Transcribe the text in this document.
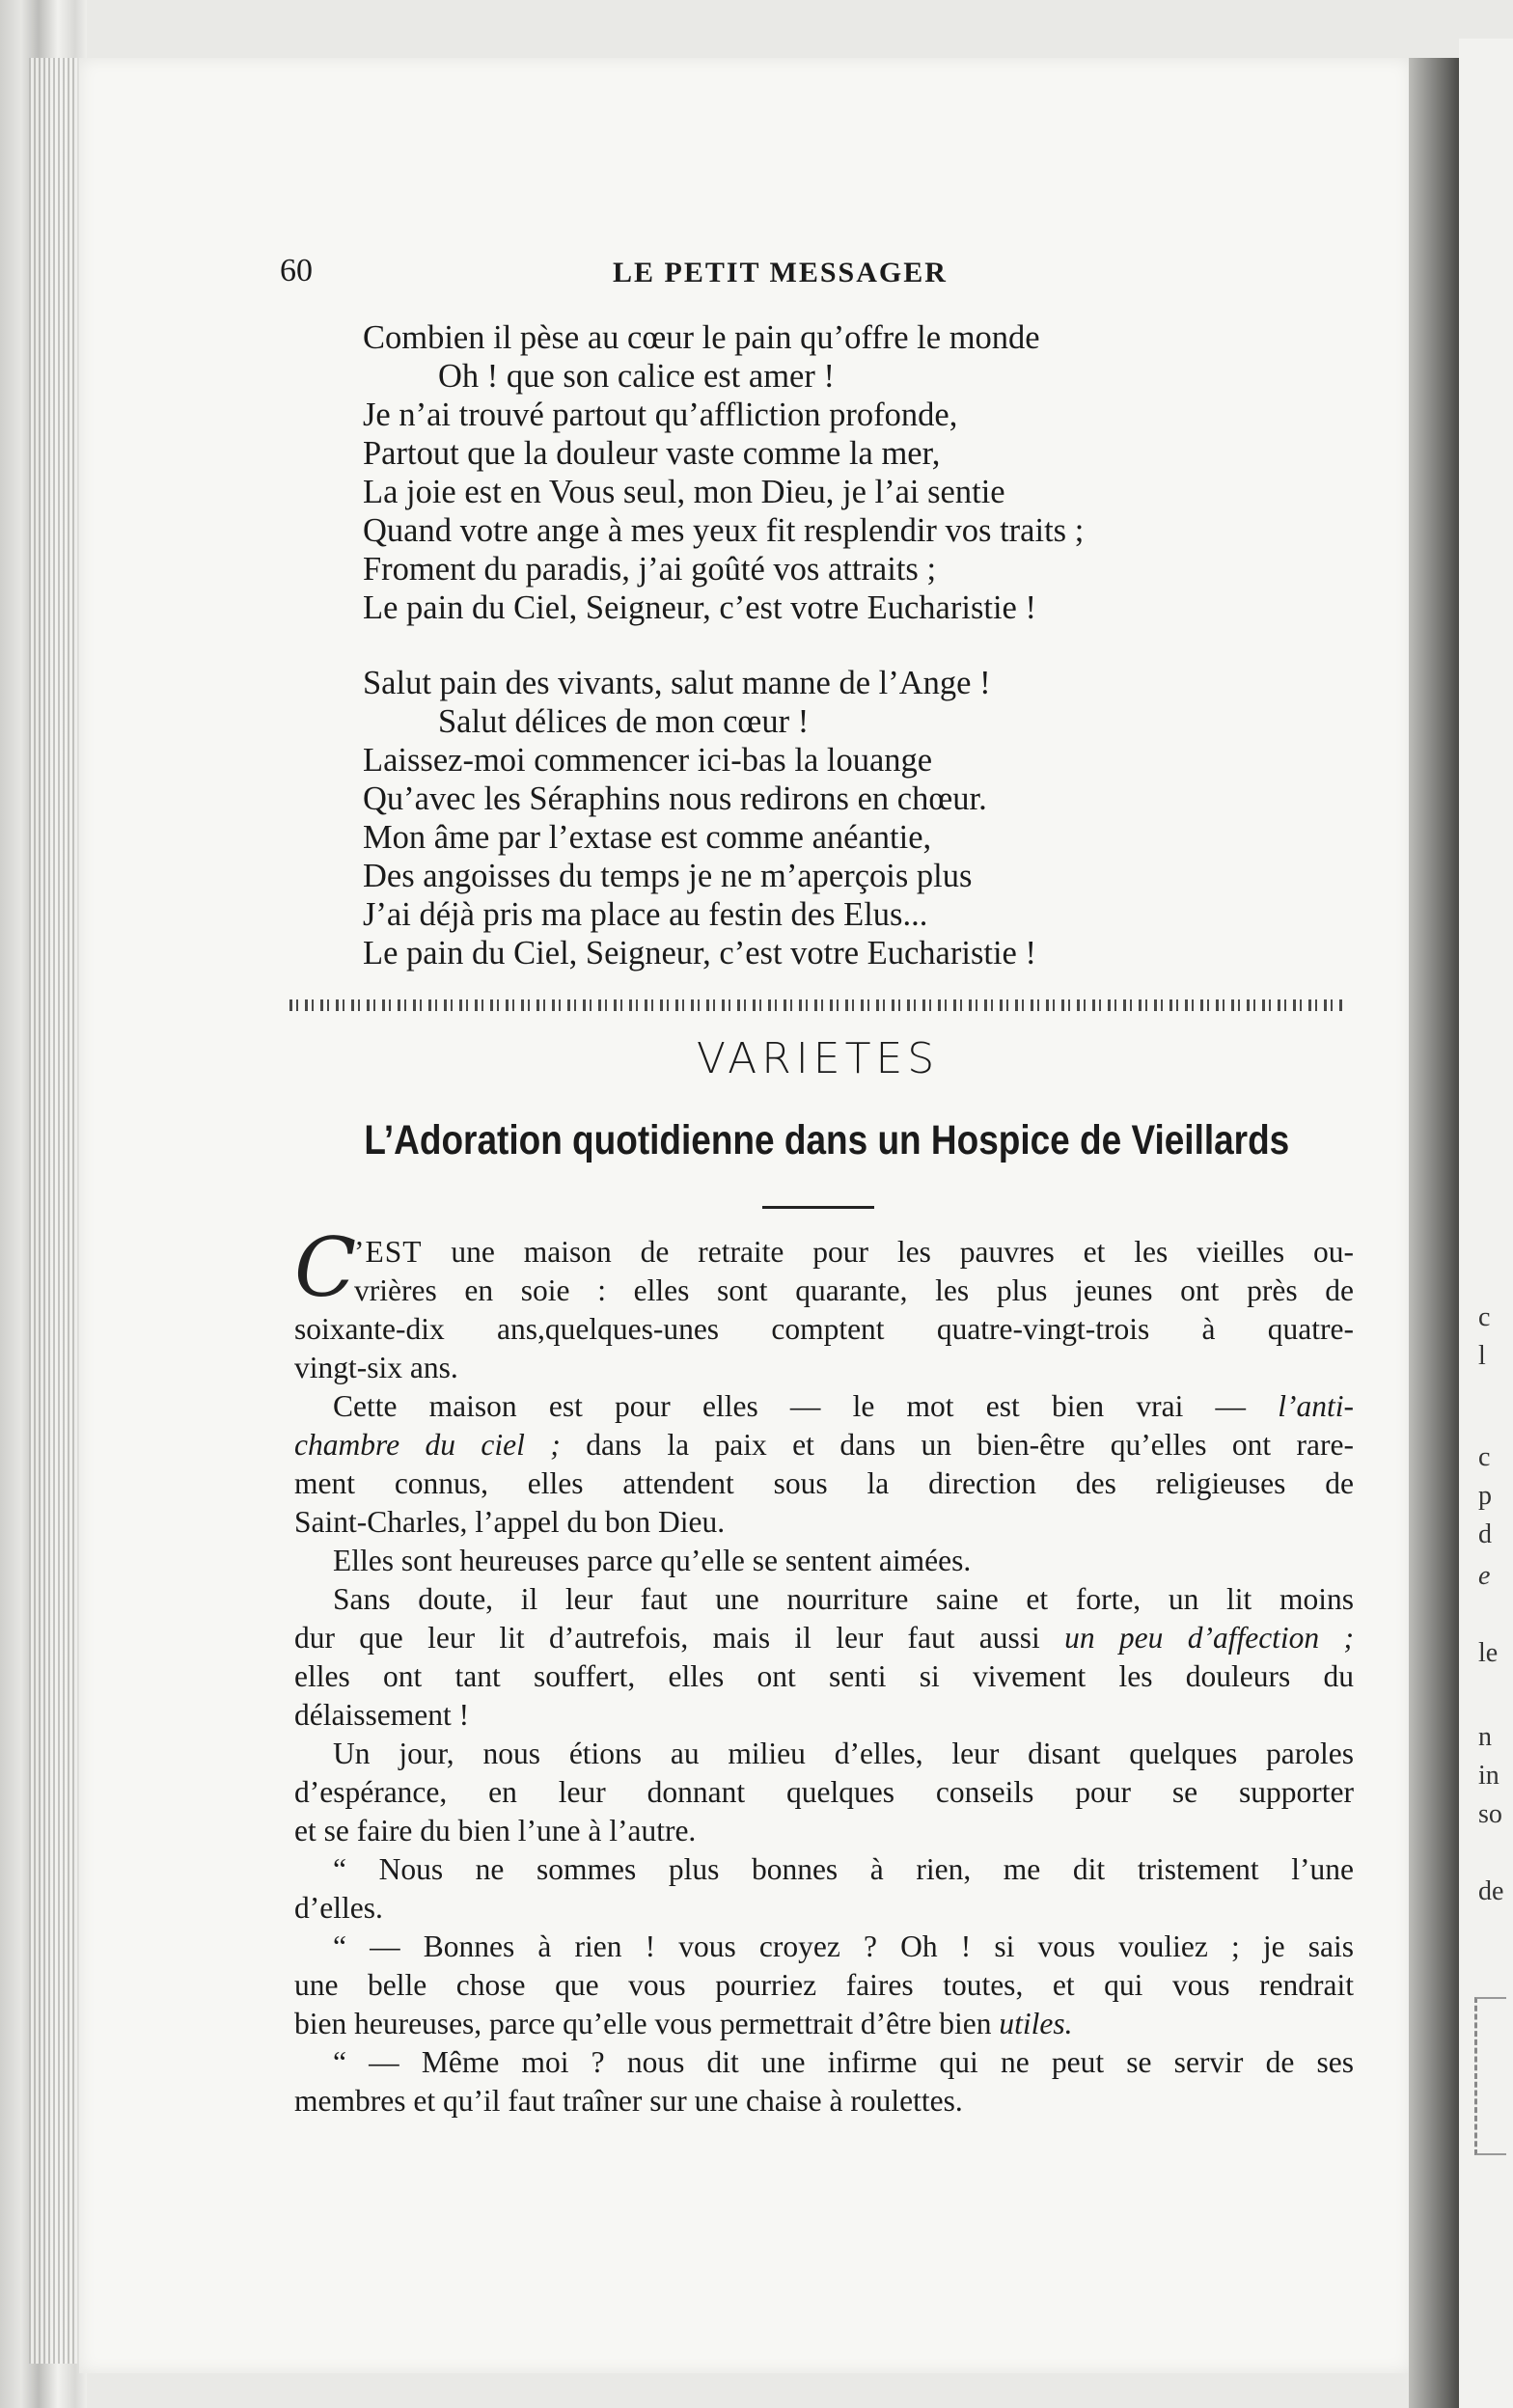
c
l
c
p
d
e
le
n
in
so
de
60	LE PETIT MESSAGER
Combien il pèse au cœur le pain qu’offre le monde
Oh ! que son calice est amer !
Je n’ai trouvé partout qu’affliction profonde,
Partout que la douleur vaste comme la mer,
La joie est en Vous seul, mon Dieu, je l’ai sentie
Quand votre ange à mes yeux fit resplendir vos traits ;
Froment du paradis, j’ai goûté vos attraits ;
Le pain du Ciel, Seigneur, c’est votre Eucharistie !
Salut pain des vivants, salut manne de l’Ange !
Salut délices de mon cœur !
Laissez-moi commencer ici-bas la louange
Qu’avec les Séraphins nous redirons en chœur.
Mon âme par l’extase est comme anéantie,
Des angoisses du temps je ne m’aperçois plus
J’ai déjà pris ma place au festin des Elus...
Le pain du Ciel, Seigneur, c’est votre Eucharistie !
VARIETES
L’Adoration quotidienne dans un Hospice de Vieillards
C
’EST une maison de retraite pour les pauvres et les vieilles ou-
vrières en soie : elles sont quarante, les plus jeunes ont près de
soixante-dix ans,quelques-unes comptent quatre-vingt-trois à quatre-
vingt-six ans.
Cette maison est pour elles — le mot est bien vrai — l’anti-
chambre du ciel ; dans la paix et dans un bien-être qu’elles ont rare-
ment connus, elles attendent sous la direction des religieuses de
Saint-Charles, l’appel du bon Dieu.
Elles sont heureuses parce qu’elle se sentent aimées.
Sans doute, il leur faut une nourriture saine et forte, un lit moins
dur que leur lit d’autrefois, mais il leur faut aussi un peu d’affection ;
elles ont tant souffert, elles ont senti si vivement les douleurs du
délaissement !
Un jour, nous étions au milieu d’elles, leur disant quelques paroles
d’espérance, en leur donnant quelques conseils pour se supporter
et se faire du bien l’une à l’autre.
“ Nous ne sommes plus bonnes à rien, me dit tristement l’une
d’elles.
“ — Bonnes à rien ! vous croyez ? Oh ! si vous vouliez ; je sais
une belle chose que vous pourriez faires toutes, et qui vous rendrait
bien heureuses, parce qu’elle vous permettrait d’être bien utiles.
“ — Même moi ? nous dit une infirme qui ne peut se servir de ses
membres et qu’il faut traîner sur une chaise à roulettes.
